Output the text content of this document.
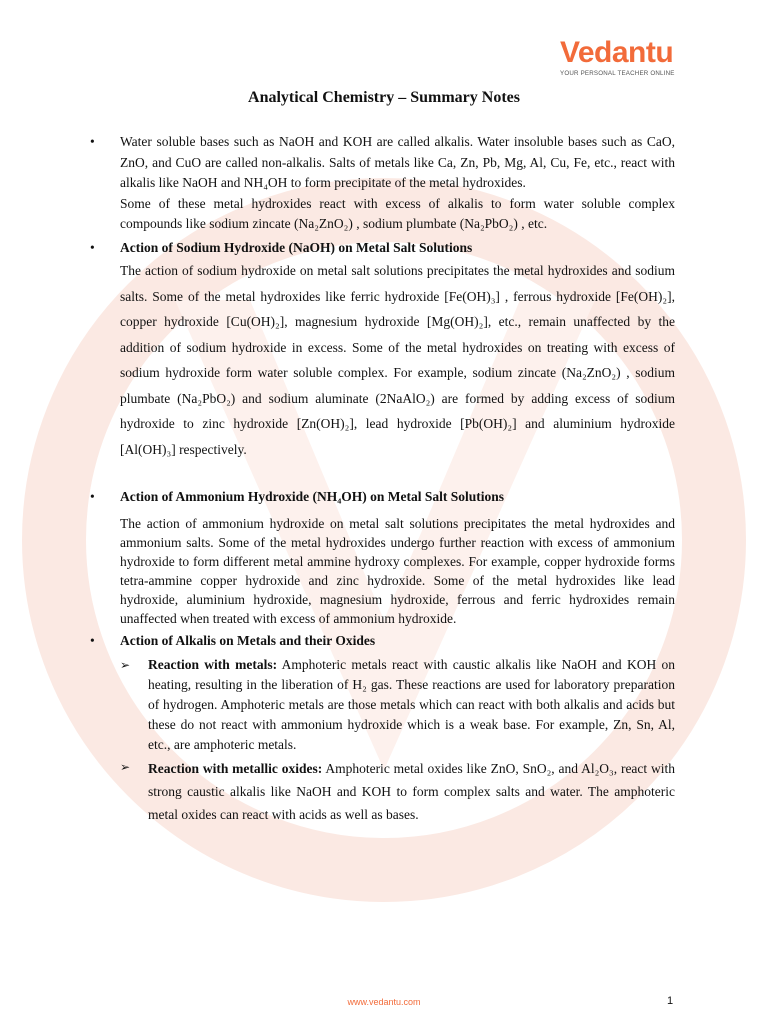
Vedantu
YOUR PERSONAL TEACHER ONLINE
Analytical Chemistry – Summary Notes
• Water soluble bases such as NaOH and KOH are called alkalis. Water insoluble bases such as CaO, ZnO, and CuO are called non-alkalis. Salts of metals like Ca, Zn, Pb, Mg, Al, Cu, Fe, etc., react with alkalis like NaOH and NH₄OH to form precipitate of the metal hydroxides.

Some of these metal hydroxides react with excess of alkalis to form water soluble complex compounds like sodium zincate (Na₂ZnO₂) , sodium plumbate (Na₂PbO₂) , etc.

• Action of Sodium Hydroxide (NaOH) on Metal Salt Solutions

The action of sodium hydroxide on metal salt solutions precipitates the metal hydroxides and sodium salts. Some of the metal hydroxides like ferric hydroxide [Fe(OH)₃] , ferrous hydroxide [Fe(OH)₂], copper hydroxide [Cu(OH)₂], magnesium hydroxide [Mg(OH)₂], etc., remain unaffected by the addition of sodium hydroxide in excess. Some of the metal hydroxides on treating with excess of sodium hydroxide form water soluble complex. For example, sodium zincate (Na₂ZnO₂) , sodium plumbate (Na₂PbO₂) and sodium aluminate (2NaAlO₂) are formed by adding excess of sodium hydroxide to zinc hydroxide [Zn(OH)₂], lead hydroxide [Pb(OH)₂] and aluminium hydroxide [Al(OH)₃] respectively.

• Action of Ammonium Hydroxide (NH₄OH) on Metal Salt Solutions

The action of ammonium hydroxide on metal salt solutions precipitates the metal hydroxides and ammonium salts. Some of the metal hydroxides undergo further reaction with excess of ammonium hydroxide to form different metal ammine hydroxy complexes. For example, copper hydroxide forms tetra-ammine copper hydroxide and zinc hydroxide. Some of the metal hydroxides like lead hydroxide, aluminium hydroxide, magnesium hydroxide, ferrous and ferric hydroxides remain unaffected when treated with excess of ammonium hydroxide.

• Action of Alkalis on Metals and their Oxides

➢ Reaction with metals: Amphoteric metals react with caustic alkalis like NaOH and KOH on heating, resulting in the liberation of H₂ gas. These reactions are used for laboratory preparation of hydrogen. Amphoteric metals are those metals which can react with both alkalis and acids but these do not react with ammonium hydroxide which is a weak base. For example, Zn, Sn, Al, etc., are amphoteric metals.

➢ Reaction with metallic oxides: Amphoteric metal oxides like ZnO, SnO₂, and Al₂O₃, react with strong caustic alkalis like NaOH and KOH to form complex salts and water. The amphoteric metal oxides can react with acids as well as bases.

www.vedantu.com	1
